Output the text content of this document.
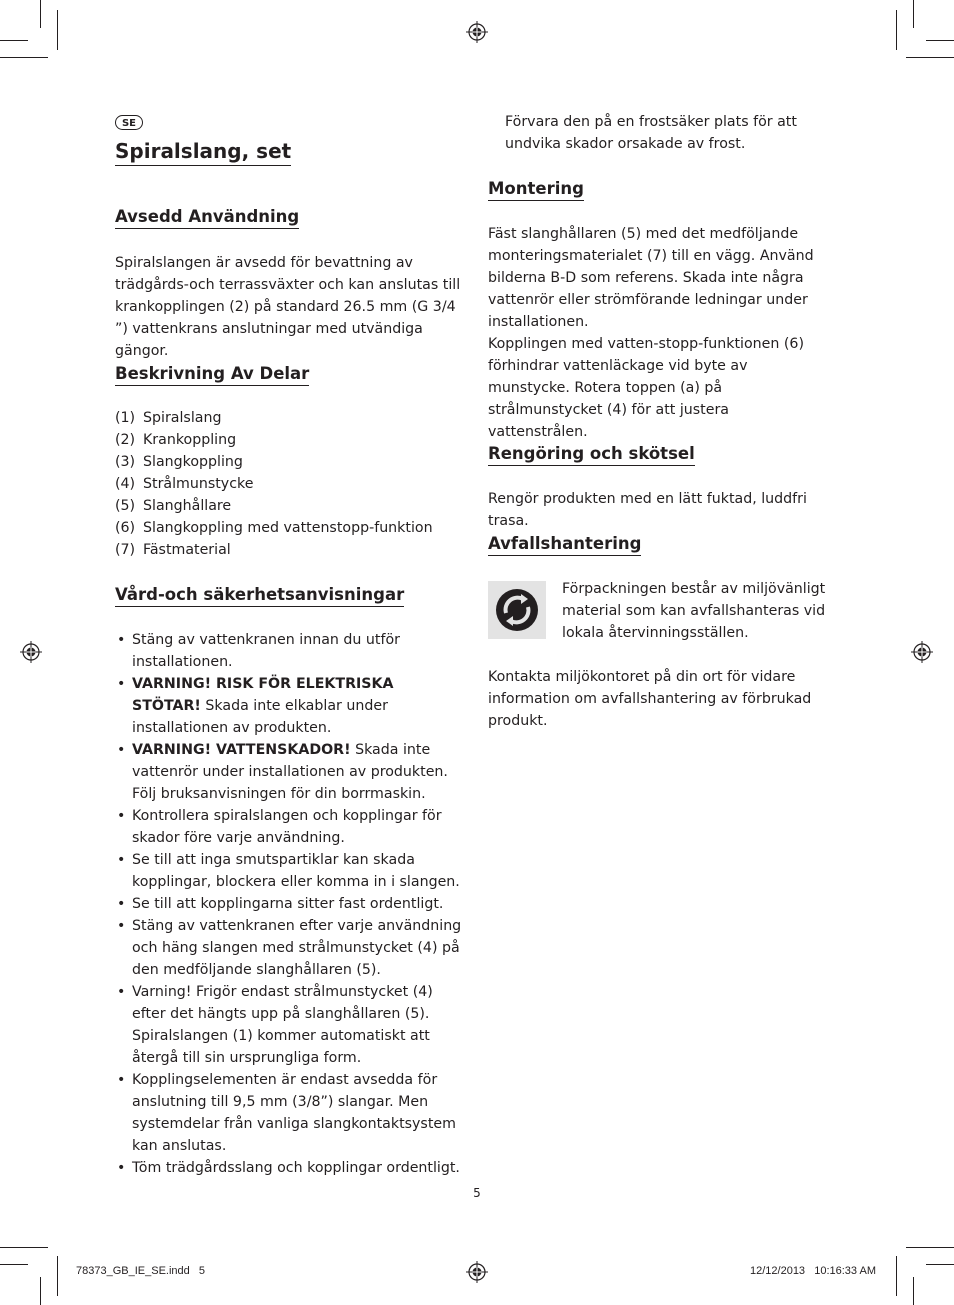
SE
Spiralslang, set
Avsedd Användning

Spiralslangen är avsedd för bevattning av trädgårds-och terrassväxter och kan anslutas till krankopplingen (2) på standard 26.5 mm (G 3/4 ”) vattenkrans anslutningar med utvändiga gängor.

Beskrivning Av Delar
(1) Spiralslang
(2) Krankoppling
(3) Slangkoppling
(4) Strålmunstycke
(5) Slanghållare
(6) Slangkoppling med vattenstopp-funktion
(7) Fästmaterial
Vård-och säkerhetsanvisningar
• Stäng av vattenkranen innan du utför installationen.
• VARNING! RISK FÖR ELEKTRISKA STÖTAR! Skada inte elkablar under installationen av produkten.
• VARNING! VATTENSKADOR! Skada inte vattenrör under installationen av produkten. Följ bruksanvisningen för din borrmaskin.
• Kontrollera spiralslangen och kopplingar för skador före varje användning.
• Se till att inga smutspartiklar kan skada kopplingar, blockera eller komma in i slangen.
• Se till att kopplingarna sitter fast ordentligt.
• Stäng av vattenkranen efter varje användning och häng slangen med strålmunstycket (4) på den medföljande slanghållaren (5).
• Varning! Frigör endast strålmunstycket (4) efter det hängts upp på slanghållaren (5). Spiralslangen (1) kommer automatiskt att återgå till sin ursprungliga form.
• Kopplingselementen är endast avsedda för anslutning till 9,5 mm (3/8”) slangar. Men systemdelar från vanliga slangkontaktsystem kan anslutas.
• Töm trädgårdsslang och kopplingar ordentligt.

Förvara den på en frostsäker plats för att undvika skador orsakade av frost.

Montering

Fäst slanghållaren (5) med det medföljande monteringsmaterialet (7) till en vägg. Använd bilderna B-D som referens. Skada inte några vattenrör eller strömförande ledningar under installationen.

Kopplingen med vatten-stopp-funktionen (6) förhindrar vattenläckage vid byte av munstycke. Rotera toppen (a) på strålmunstycket (4) för att justera vattenstrålen.

Rengöring och skötsel

Rengör produkten med en lätt fuktad, luddfri trasa.

Avfallshantering

Förpackningen består av miljövänligt material som kan avfallshanteras vid lokala återvinningsställen.

Kontakta miljökontoret på din ort för vidare information om avfallshantering av förbrukad produkt.

5
78373_GB_IE_SE.indd   5	12/12/2013   10:16:33 AM
